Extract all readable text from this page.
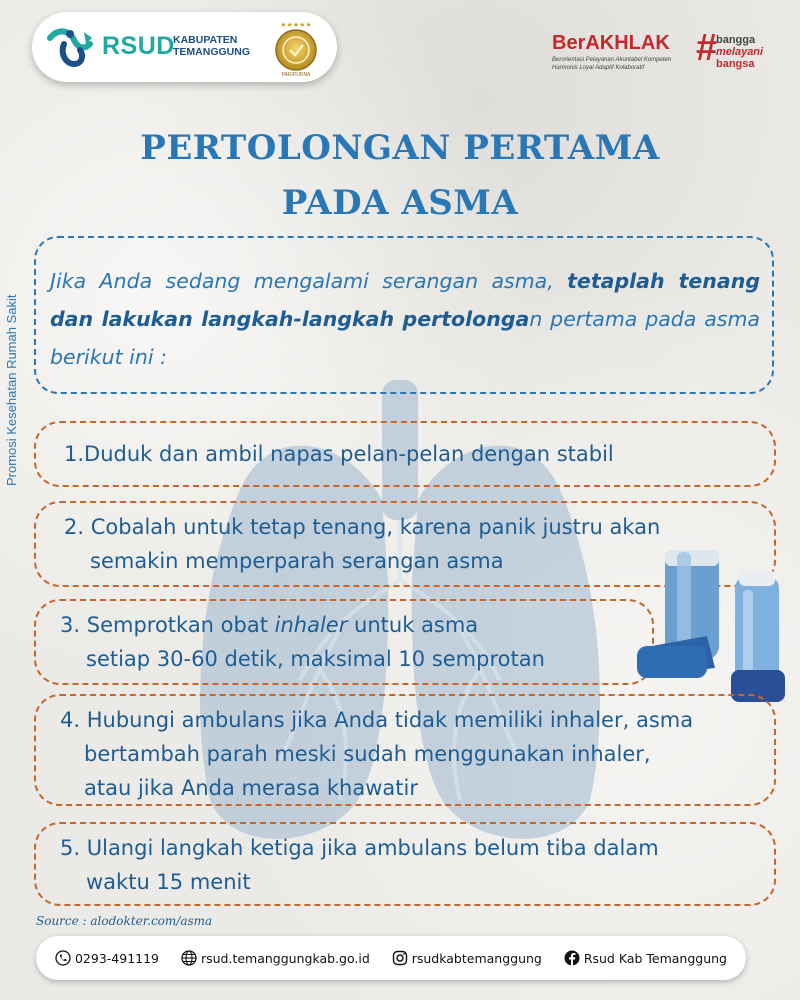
RSUD
KABUPATEN
TEMANGGUNG
★★★★★
PARIPURNA
BerAKHLAK
Berorientasi Pelayanan Akuntabel Kompeten Harmonis Loyal Adaptif Kolaboratif	#
bangga
melayani
bangsa
Promosi Kesehatan Rumah Sakit
PERTOLONGAN PERTAMA
PADA ASMA
Jika Anda sedang mengalami serangan asma, tetaplah tenang dan lakukan langkah-langkah pertolongan pertama pada asma berikut ini :
1.Duduk dan ambil napas pelan-pelan dengan stabil
2. Cobalah untuk tetap tenang, karena panik justru akan
semakin memperparah serangan asma
3. Semprotkan obat inhaler untuk asma
setiap 30-60 detik, maksimal 10 semprotan
4. Hubungi ambulans jika Anda tidak memiliki inhaler, asma
bertambah parah meski sudah menggunakan inhaler,
atau jika Anda merasa khawatir
5. Ulangi langkah ketiga jika ambulans belum tiba dalam
waktu 15 menit
Source : alodokter.com/asma
0293-491119	rsud.temanggungkab.go.id	rsudkabtemanggung	Rsud Kab Temanggung
